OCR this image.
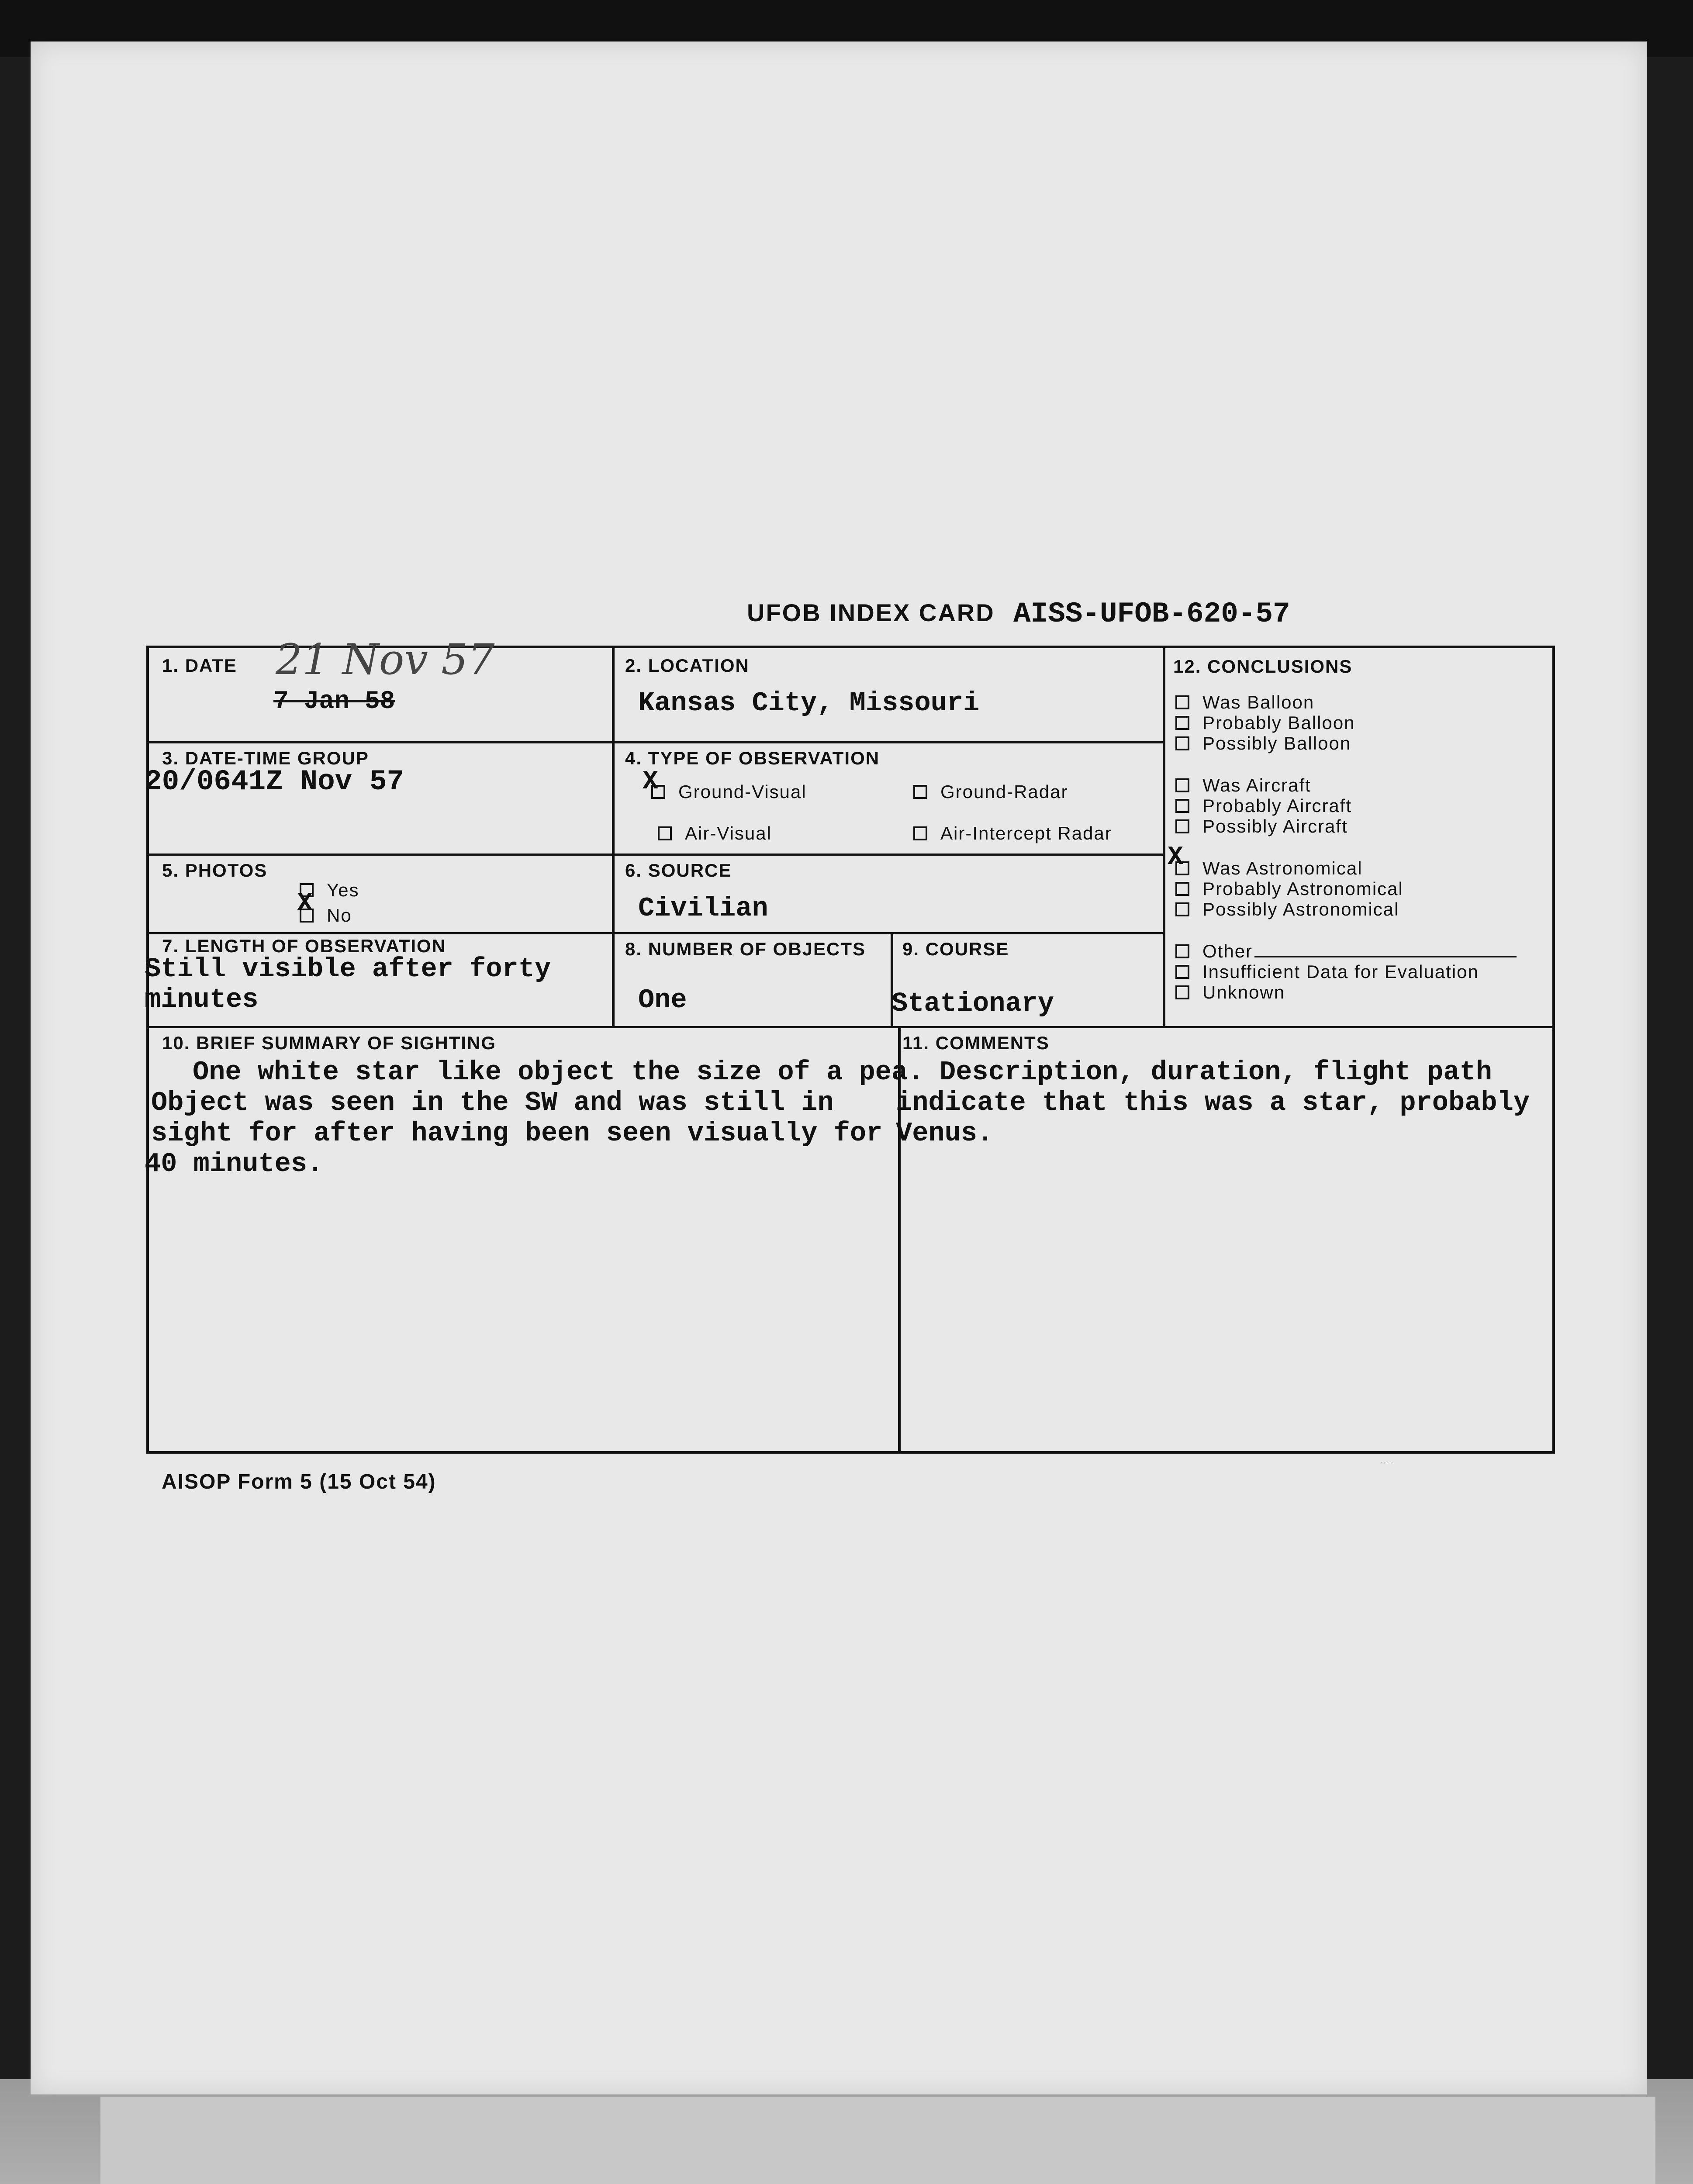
UFOB INDEX CARD AISS-UFOB-620-57
1. DATE 21 Nov 57
7 Jan 58
2. LOCATION
Kansas City, Missouri
3. DATE-TIME GROUP
20/0641Z Nov 57
4. TYPE OF OBSERVATION
Ground-Visual
X	Ground-Radar
Air-Visual	Air-Intercept Radar
5. PHOTOS
Yes
No
X
6. SOURCE
Civilian
7. LENGTH OF OBSERVATION
Still visible after forty minutes
8. NUMBER OF OBJECTS
One
9. COURSE
Stationary
12. CONCLUSIONS
Was Balloon
Probably Balloon
Possibly Balloon
Was Aircraft
Probably Aircraft
Possibly Aircraft
Was Astronomical
X
Probably Astronomical
Possibly Astronomical
Other
Insufficient Data for Evaluation
Unknown
10. BRIEF SUMMARY OF SIGHTING
One white star like object the size of a pea.
Object was seen in the SW and was still in
sight for after having been seen visually for
40 minutes.
11. COMMENTS
Description, duration, flight path
indicate that this was a star, probably
Venus.
AISOP Form 5 (15 Oct 54)
·····
